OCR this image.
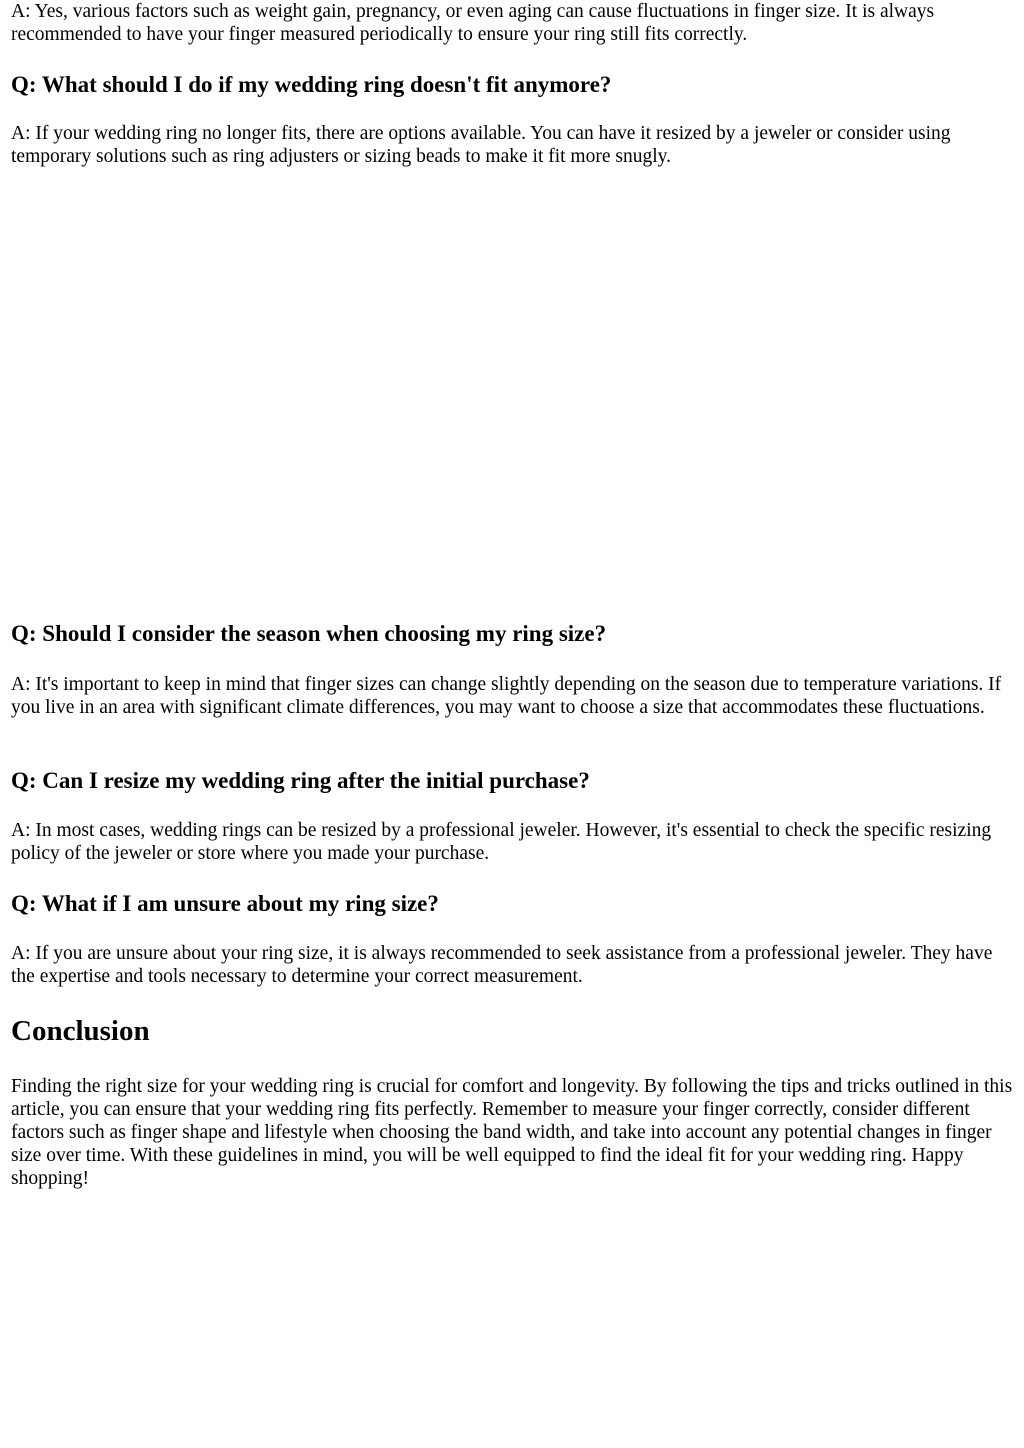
A: Yes, various factors such as weight gain, pregnancy, or even aging can cause fluctuations in finger size. It is always recommended to have your finger measured periodically to ensure your ring still fits correctly.

Q: What should I do if my wedding ring doesn't fit anymore?

A: If your wedding ring no longer fits, there are options available. You can have it resized by a jeweler or consider using temporary solutions such as ring adjusters or sizing beads to make it fit more snugly.

Q: Should I consider the season when choosing my ring size?

A: It's important to keep in mind that finger sizes can change slightly depending on the season due to temperature variations. If you live in an area with significant climate differences, you may want to choose a size that accommodates these fluctuations.

Q: Can I resize my wedding ring after the initial purchase?

A: In most cases, wedding rings can be resized by a professional jeweler. However, it's essential to check the specific resizing policy of the jeweler or store where you made your purchase.

Q: What if I am unsure about my ring size?

A: If you are unsure about your ring size, it is always recommended to seek assistance from a professional jeweler. They have the expertise and tools necessary to determine your correct measurement.

Conclusion

Finding the right size for your wedding ring is crucial for comfort and longevity. By following the tips and tricks outlined in this article, you can ensure that your wedding ring fits perfectly. Remember to measure your finger correctly, consider different factors such as finger shape and lifestyle when choosing the band width, and take into account any potential changes in finger size over time. With these guidelines in mind, you will be well equipped to find the ideal fit for your wedding ring. Happy shopping!
